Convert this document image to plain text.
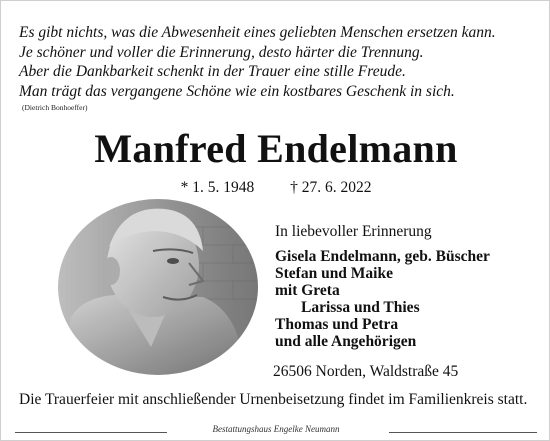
Es gibt nichts, was die Abwesenheit eines geliebten Menschen ersetzen kann.
Je schöner und voller die Erinnerung, desto härter die Trennung.
Aber die Dankbarkeit schenkt in der Trauer eine stille Freude.
Man trägt das vergangene Schöne wie ein kostbares Geschenk in sich.
(Dietrich Bonhoeffer)
Manfred Endelmann
* 1. 5. 1948 † 27. 6. 2022
In liebevoller Erinnerung
Gisela Endelmann, geb. Büscher
Stefan und Maike
mit Greta
Larissa und Thies
Thomas und Petra
und alle Angehörigen
26506 Norden, Waldstraße 45
Die Trauerfeier mit anschließender Urnenbeisetzung findet im Familienkreis statt.
Bestattungshaus Engelke Neumann
